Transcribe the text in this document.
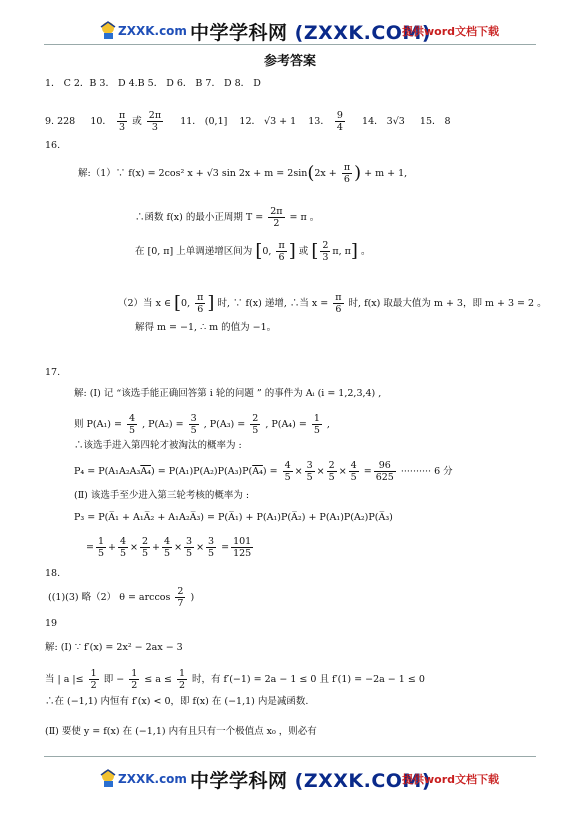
ZXXK.com 中学学科网 (ZXXK.COM)
提供word文档下载
参考答案
1． C 2．B 3． D 4.B 5． D 6． B 7． D 8． D
9. 228 10． $\frac{\pi}{3}$ 或 $\frac{2\pi}{3} 11$． (0,1] 12． √3 + 1 13． $\frac{9}{4} 14$． 3√3 15． 8
16.
解:（1）∵ f(x) = 2cos² x + √3 $\sin 2x + m = 2\sin(2x + \frac{\pi}{6}$ ) + m + 1,
∴函数 f(x) 的最小正周期 $T = \frac{2\pi}{2} = \pi$ 。
在 [0, π] 上单调递增区间为 [0, $\frac{\pi}{6}$ ] 或 [ $\frac{2}{3} \pi$, π] 。
（2）当 x ∈ [0, $\frac{\pi}{6}$ ] 时, ∵ f(x) 递增, ∴当 $x = \frac{\pi}{6}$ 时, f(x) 取最大值为 m + 3，即 m + 3 = 2 。
解得 m = −1, ∴ m 的值为 −1。
17.
解: (Ⅰ) 记 “该选手能正确回答第 i 轮的问题 ” 的事件为 Aᵢ (i = 1,2,3,4) ,
则 $P(A_1) = \frac{4}{5}$ , $P(A_2) = \frac{3}{5}$ , $P(A_3) = \frac{2}{5}$ , $P(A_4) = \frac{1}{5}$ ,
∴该选手进入第四轮才被淘汰的概率为 :
$P_4 = P(A_1A_2A_3A_4) = P(A_1)P(A_2)P(A_3)P(A_4) = \frac{4}{5} \times \frac{3}{5} \times \frac{2}{5} \times \frac{4}{5} = \frac{96}{625}$ ·········· 6 分
(Ⅱ) 该选手至少进入第三轮考核的概率为 :
P₃ = P(A̅₁ + A₁A̅₂ + A₁A₂A̅₃) = P(A̅₁) + P(A₁)P(A̅₂) + P(A₁)P(A₂)P(A̅₃)
= $\frac{1}{5} + \frac{4}{5} \times \frac{2}{5} + \frac{4}{5} \times \frac{3}{5} \times \frac{3}{5} = \frac{101}{125}$
18.
((1)(3) 略（2） $\theta = \arccos \frac{2}{7}$ )
19
解: (Ⅰ) ∵ f′(x) = 2x² − 2ax − 3
当 | a |≤ $\frac{1}{2}$ 即 − $\frac{1}{2} \le a \le \frac{1}{2}$ 时，有 f′(−1) = 2a − 1 ≤ 0 且 f′(1) = −2a − 1 ≤ 0
∴在 (−1,1) 内恒有 f′(x) < 0，即 f(x) 在 (−1,1) 内是减函数.
(Ⅱ) 要使 y = f(x) 在 (−1,1) 内有且只有一个极值点 x₀ ，则必有
ZXXK.com 中学学科网 (ZXXK.COM)
提供word文档下载
